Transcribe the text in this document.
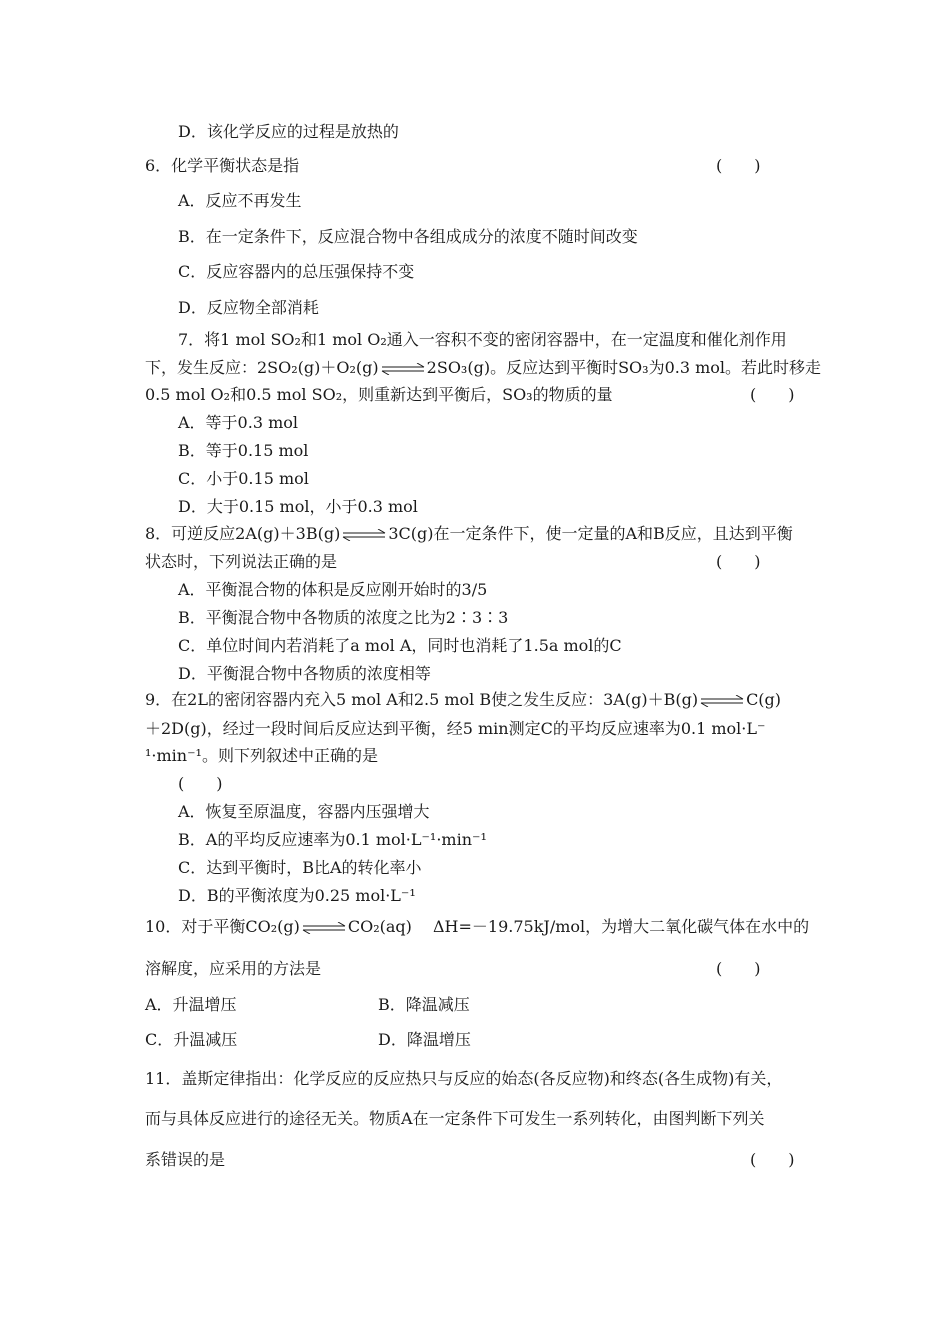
D．该化学反应的过程是放热的
6．化学平衡状态是指	(　　)
A．反应不再发生
B．在一定条件下，反应混合物中各组成成分的浓度不随时间改变
C．反应容器内的总压强保持不变
D．反应物全部消耗
7．将1 mol SO₂和1 mol O₂通入一容积不变的密闭容器中，在一定温度和催化剂作用
下，发生反应：2SO₂(g)＋O₂(g) ⇌ 2SO₃(g)。反应达到平衡时SO₃为0.3 mol。若此时移走
0.5 mol O₂和0.5 mol SO₂，则重新达到平衡后，SO₃的物质的量	(　　)
A．等于0.3 mol
B．等于0.15 mol
C．小于0.15 mol
D．大于0.15 mol，小于0.3 mol
8．可逆反应2A(g)＋3B(g) ⇌ 3C(g)在一定条件下，使一定量的A和B反应，且达到平衡
状态时，下列说法正确的是	(　　)
A．平衡混合物的体积是反应刚开始时的3/5
B．平衡混合物中各物质的浓度之比为2∶3∶3
C．单位时间内若消耗了a mol A，同时也消耗了1.5a mol的C
D．平衡混合物中各物质的浓度相等
9．在2L的密闭容器内充入5 mol A和2.5 mol B使之发生反应：3A(g)＋B(g) ⇌ C(g)
＋2D(g)，经过一段时间后反应达到平衡，经5 min测定C的平均反应速率为0.1 mol·L⁻
¹·min⁻¹。则下列叙述中正确的是
(　　)
A．恢复至原温度，容器内压强增大
B．A的平均反应速率为0.1 mol·L⁻¹·min⁻¹
C．达到平衡时，B比A的转化率小
D．B的平衡浓度为0.25 mol·L⁻¹
10．对于平衡CO₂(g) ⇌ CO₂(aq)　 ΔH=－19.75kJ/mol，为增大二氧化碳气体在水中的
溶解度，应采用的方法是	(　　)
A．升温增压	B．降温减压
C．升温减压	D．降温增压
11．盖斯定律指出：化学反应的反应热只与反应的始态(各反应物)和终态(各生成物)有关，
而与具体反应进行的途径无关。物质A在一定条件下可发生一系列转化，由图判断下列关
系错误的是	(　　)
